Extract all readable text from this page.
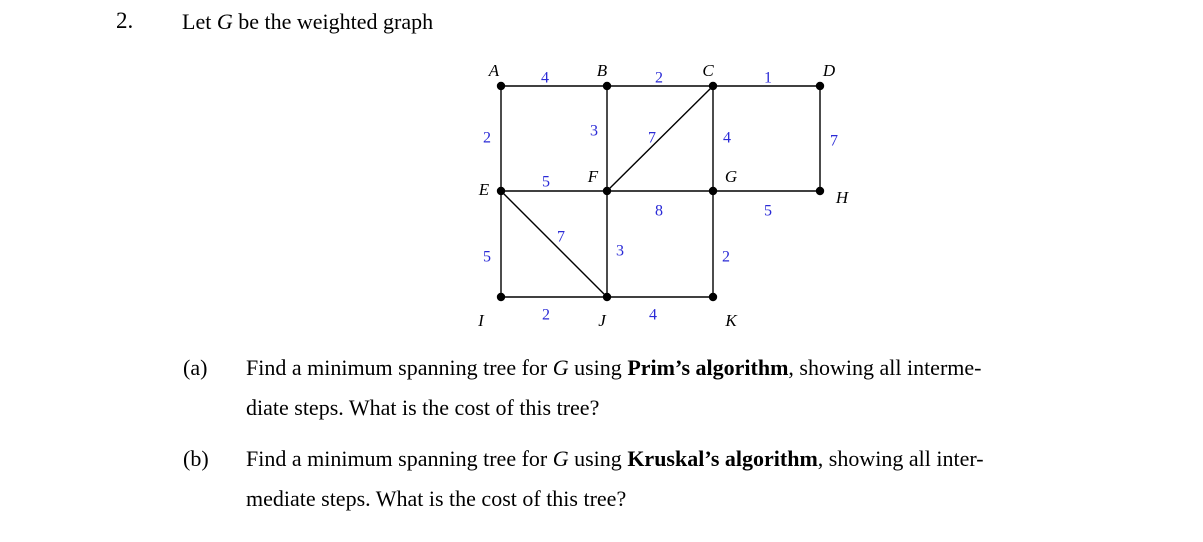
2. Let G be the weighted graph
4	2	1
2	3	7	4	7
5
8	5
5
7
3	2
2	4
A	B	C	D
E
F	G
H
I	J	K
(a) Find a minimum spanning tree for G using Prim’s algorithm, showing all interme-
diate steps. What is the cost of this tree?
(b) Find a minimum spanning tree for G using Kruskal’s algorithm, showing all inter-
mediate steps. What is the cost of this tree?
